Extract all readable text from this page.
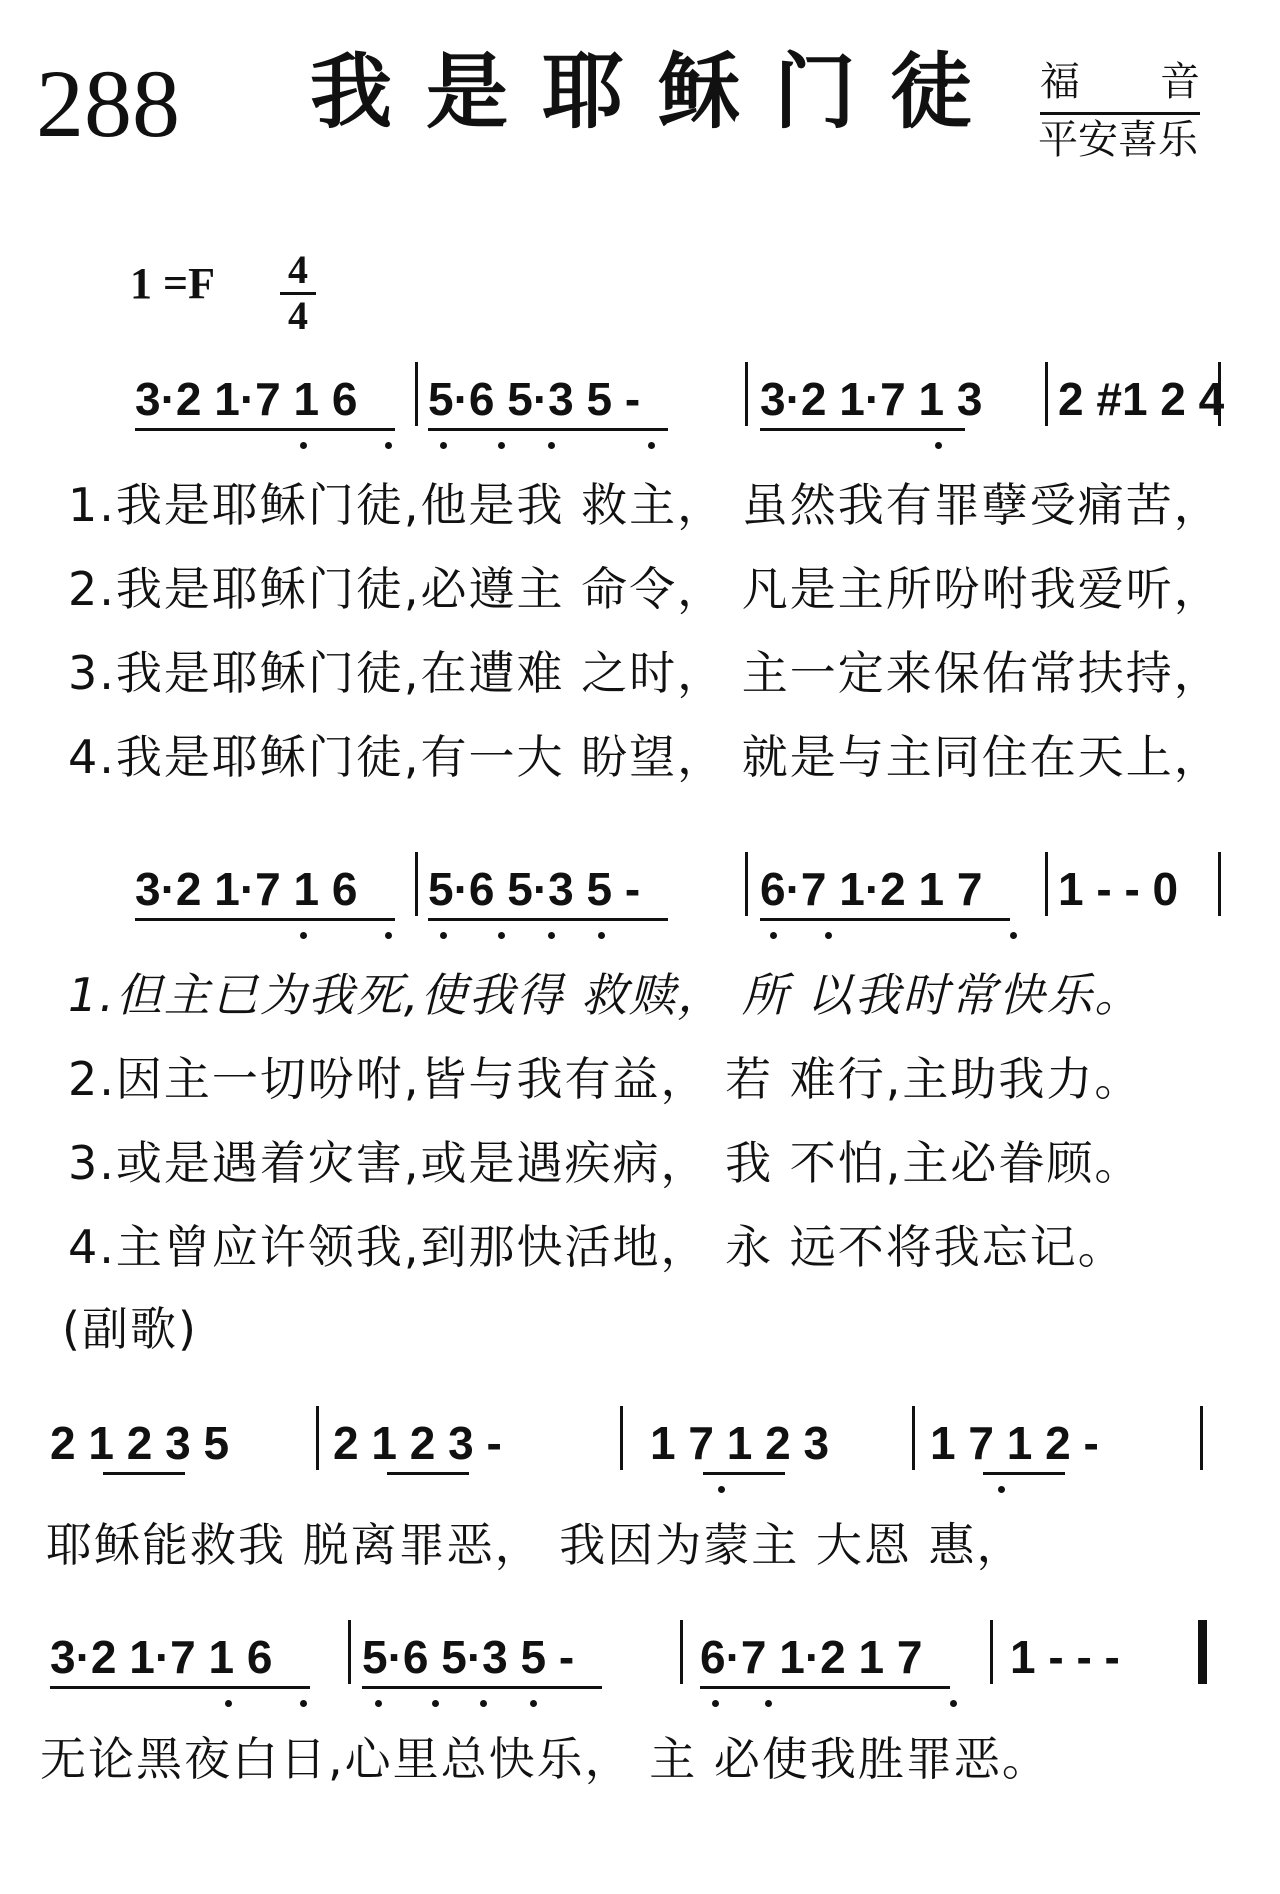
288 我是耶稣门徒 福 音
平安喜乐
1 =F 4
4
3·2 1·7 1 6 5·6 5·3 5 -	3·2 1·7 1 3 2 #1 2 4
1.我是耶稣门徒,他是我 救主， 虽然我有罪孽受痛苦，
2.我是耶稣门徒,必遵主 命令， 凡是主所吩咐我爱听，
3.我是耶稣门徒,在遭难 之时， 主一定来保佑常扶持，
4.我是耶稣门徒,有一大 盼望， 就是与主同住在天上，
3·2 1·7 1 6 5·6 5·3 5 -	6·7 1·2 1 7 1 - - 0
1.但主已为我死,使我得 救赎， 所 以我时常快乐。
2.因主一切吩咐,皆与我有益， 若 难行,主助我力。
3.或是遇着灾害,或是遇疾病， 我 不怕,主必眷顾。
4.主曾应许领我,到那快活地， 永 远不将我忘记。
(副歌)
2 1 2 3 5 2 1 2 3 -	1 7 1 2 3 1 7 1 2 -
耶稣能救我 脱离罪恶， 我因为蒙主 大恩 惠，
3·2 1·7 1 6 5·6 5·3 5 -	6·7 1·2 1 7 1 - - -
无论黑夜白日,心里总快乐， 主 必使我胜罪恶。
